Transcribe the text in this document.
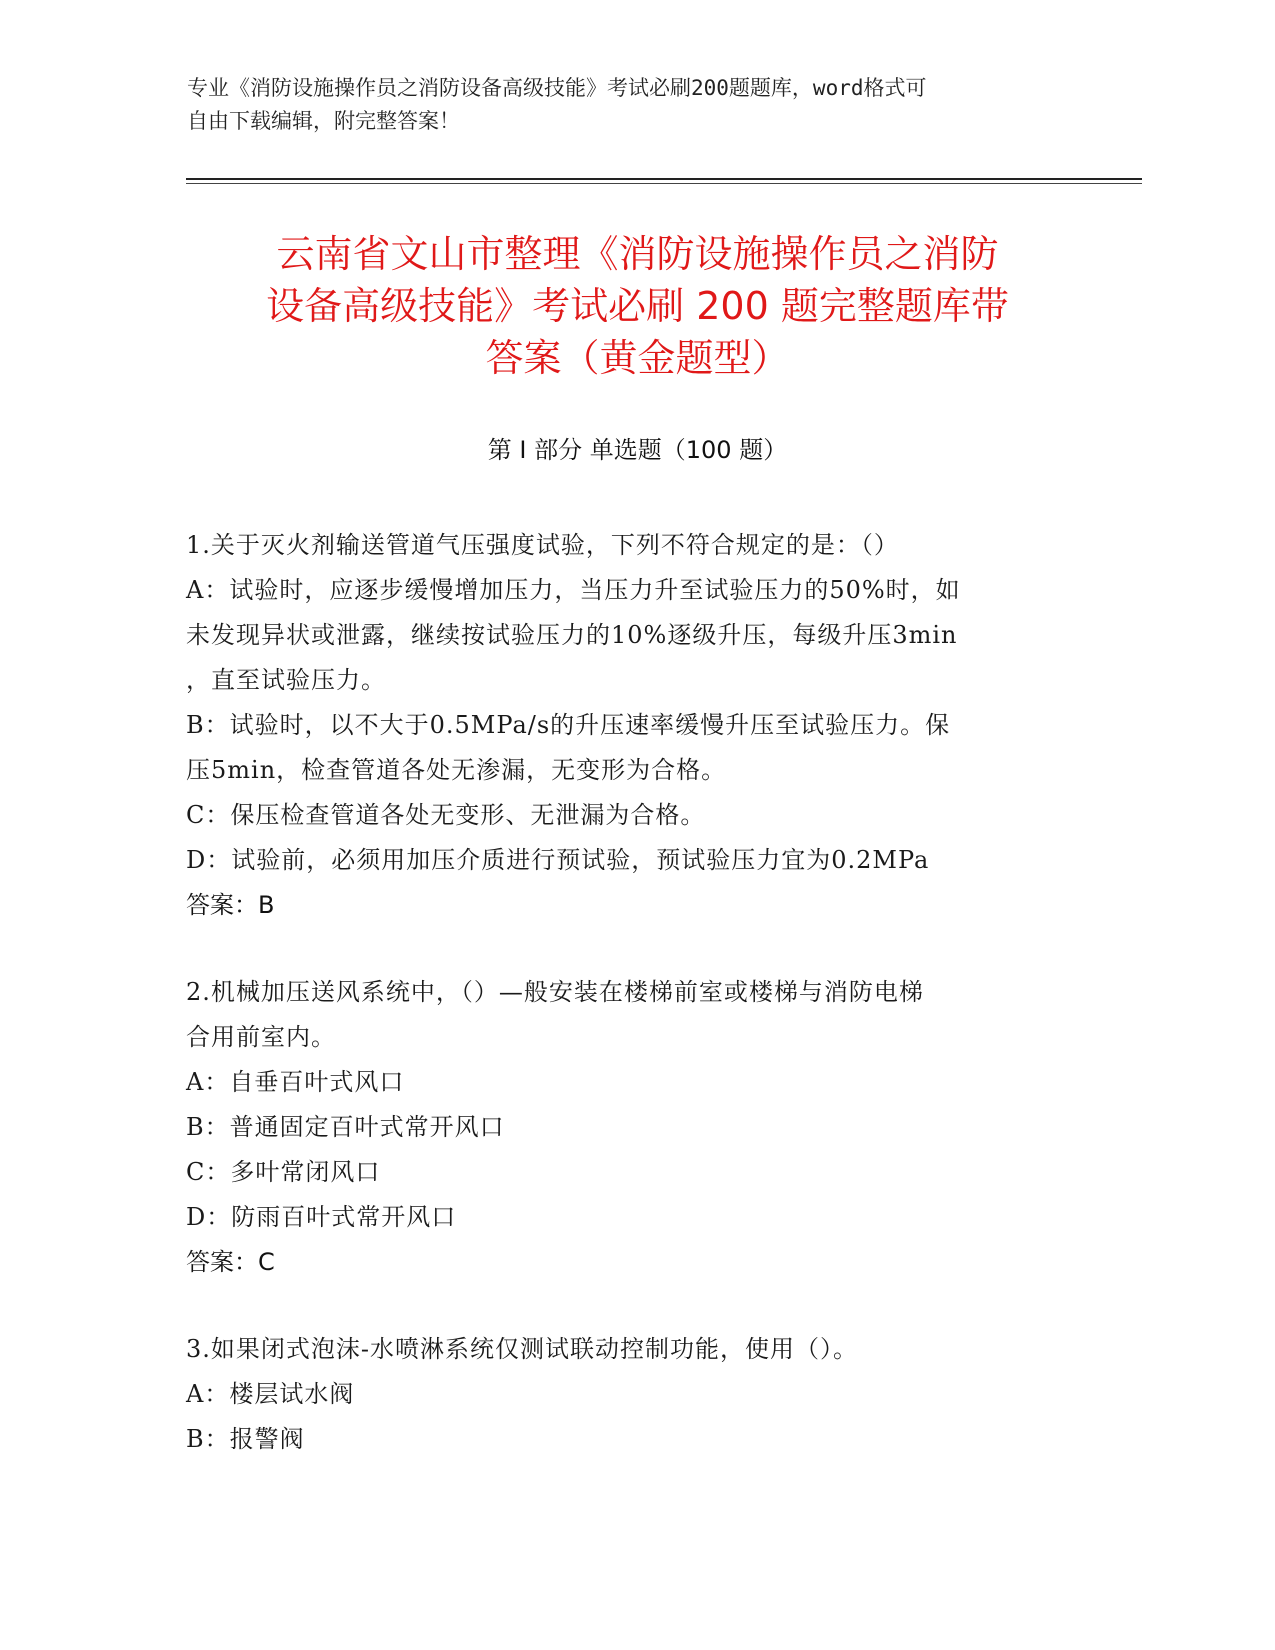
专业《消防设施操作员之消防设备高级技能》考试必刷200题题库，word格式可

自由下载编辑，附完整答案！

云南省文山市整理《消防设施操作员之消防
设备高级技能》考试必刷 200 题完整题库带
答案（黄金题型）
第 I 部分 单选题（100 题）

1.关于灭火剂输送管道气压强度试验，下列不符合规定的是：（）

A：试验时，应逐步缓慢增加压力，当压力升至试验压力的50%时，如

未发现异状或泄露，继续按试验压力的10%逐级升压，每级升压3min

，直至试验压力。

B：试验时，以不大于0.5MPa/s的升压速率缓慢升压至试验压力。保

压5min，检查管道各处无渗漏，无变形为合格。

C：保压检查管道各处无变形、无泄漏为合格。

D：试验前，必须用加压介质进行预试验，预试验压力宜为0.2MPa

答案：B

2.机械加压送风系统中，（）—般安装在楼梯前室或楼梯与消防电梯

合用前室内。

A：自垂百叶式风口

B：普通固定百叶式常开风口

C：多叶常闭风口

D：防雨百叶式常开风口

答案：C

3.如果闭式泡沫-水喷淋系统仅测试联动控制功能，使用（）。

A：楼层试水阀

B：报警阀
